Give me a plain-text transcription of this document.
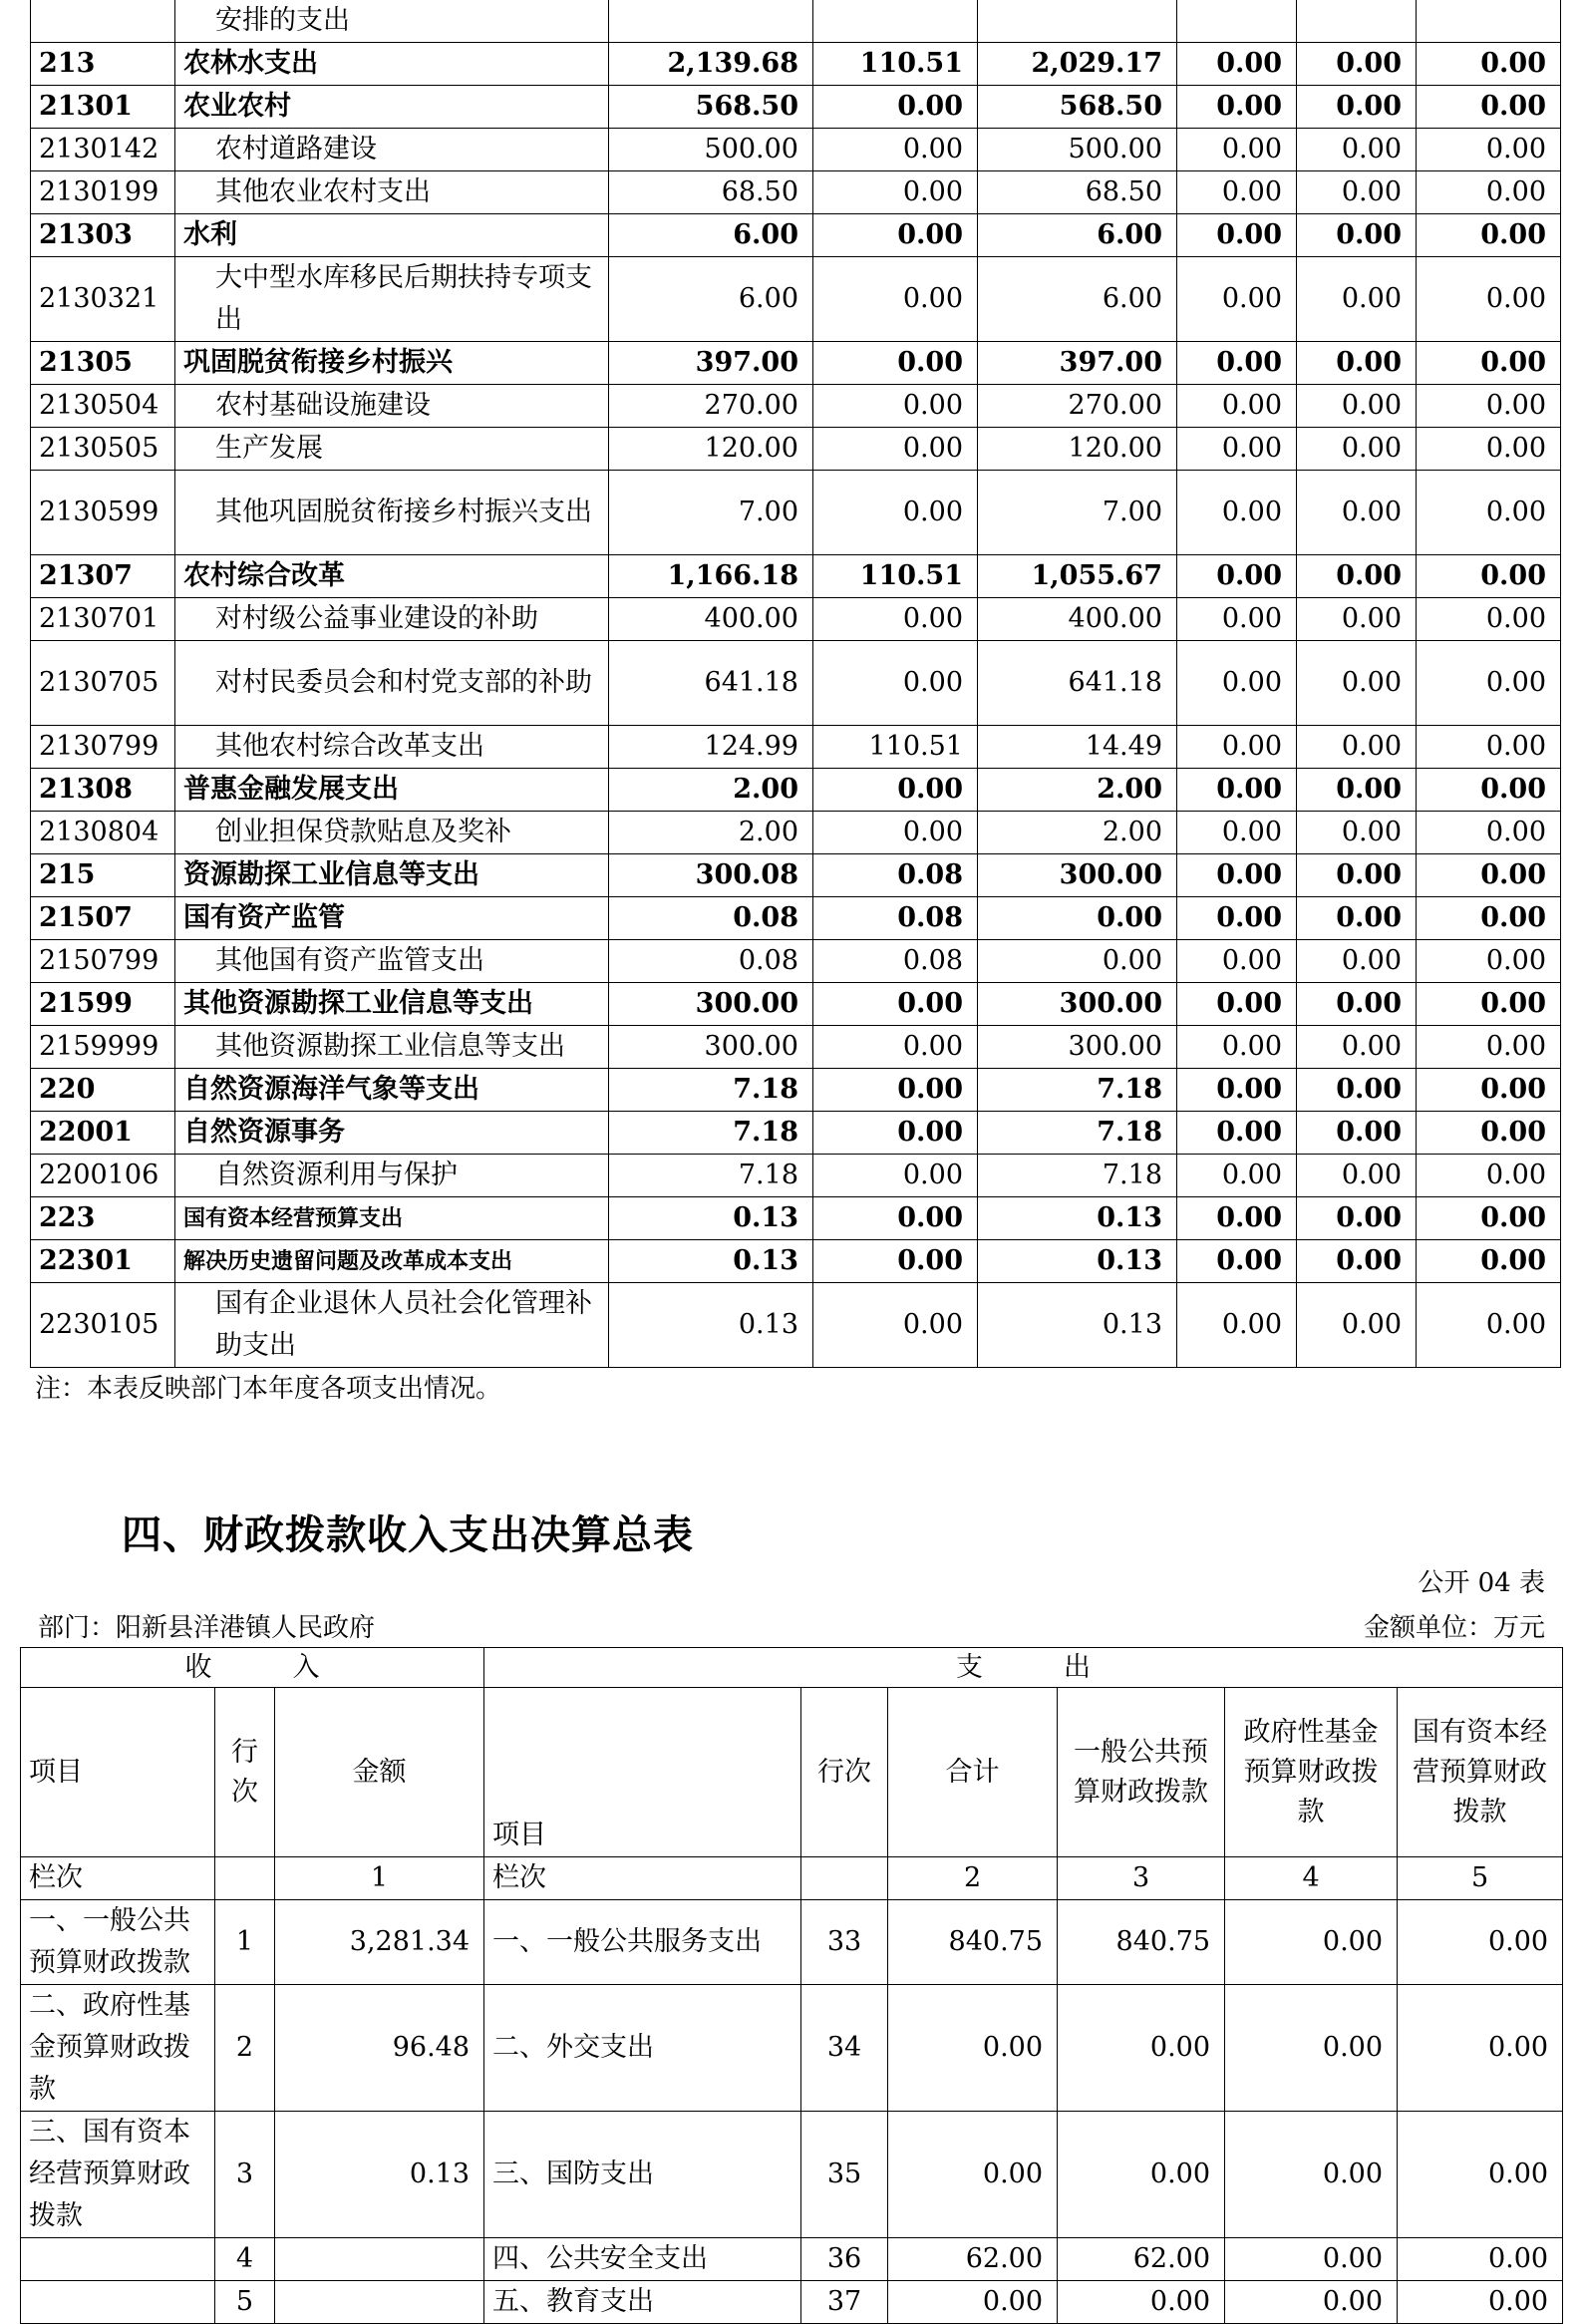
	安排的支出						
213	农林水支出	2,139.68	110.51	2,029.17	0.00	0.00	0.00
21301	农业农村	568.50	0.00	568.50	0.00	0.00	0.00
2130142	农村道路建设	500.00	0.00	500.00	0.00	0.00	0.00
2130199	其他农业农村支出	68.50	0.00	68.50	0.00	0.00	0.00
21303	水利	6.00	0.00	6.00	0.00	0.00	0.00
2130321	大中型水库移民后期扶持专项支出	6.00	0.00	6.00	0.00	0.00	0.00
21305	巩固脱贫衔接乡村振兴	397.00	0.00	397.00	0.00	0.00	0.00
2130504	农村基础设施建设	270.00	0.00	270.00	0.00	0.00	0.00
2130505	生产发展	120.00	0.00	120.00	0.00	0.00	0.00
2130599	其他巩固脱贫衔接乡村振兴支出	7.00	0.00	7.00	0.00	0.00	0.00
21307	农村综合改革	1,166.18	110.51	1,055.67	0.00	0.00	0.00
2130701	对村级公益事业建设的补助	400.00	0.00	400.00	0.00	0.00	0.00
2130705	对村民委员会和村党支部的补助	641.18	0.00	641.18	0.00	0.00	0.00
2130799	其他农村综合改革支出	124.99	110.51	14.49	0.00	0.00	0.00
21308	普惠金融发展支出	2.00	0.00	2.00	0.00	0.00	0.00
2130804	创业担保贷款贴息及奖补	2.00	0.00	2.00	0.00	0.00	0.00
215	资源勘探工业信息等支出	300.08	0.08	300.00	0.00	0.00	0.00
21507	国有资产监管	0.08	0.08	0.00	0.00	0.00	0.00
2150799	其他国有资产监管支出	0.08	0.08	0.00	0.00	0.00	0.00
21599	其他资源勘探工业信息等支出	300.00	0.00	300.00	0.00	0.00	0.00
2159999	其他资源勘探工业信息等支出	300.00	0.00	300.00	0.00	0.00	0.00
220	自然资源海洋气象等支出	7.18	0.00	7.18	0.00	0.00	0.00
22001	自然资源事务	7.18	0.00	7.18	0.00	0.00	0.00
2200106	自然资源利用与保护	7.18	0.00	7.18	0.00	0.00	0.00
223	国有资本经营预算支出	0.13	0.00	0.13	0.00	0.00	0.00
22301	解决历史遗留问题及改革成本支出	0.13	0.00	0.13	0.00	0.00	0.00
2230105	国有企业退休人员社会化管理补助支出	0.13	0.00	0.13	0.00	0.00	0.00
注：本表反映部门本年度各项支出情况。
四、财政拨款收入支出决算总表
公开 04 表
部门：阳新县洋港镇人民政府	金额单位：万元
收　　　入			支　　　出					
项目	行次	金额	项目	行次	合计	一般公共预算财政拨款	政府性基金预算财政拨款	国有资本经营预算财政拨款
栏次		1	栏次		2	3	4	5
一、一般公共预算财政拨款	1	3,281.34	一、一般公共服务支出	33	840.75	840.75	0.00	0.00
二、政府性基金预算财政拨款	2	96.48	二、外交支出	34	0.00	0.00	0.00	0.00
三、国有资本经营预算财政拨款	3	0.13	三、国防支出	35	0.00	0.00	0.00	0.00
	4		四、公共安全支出	36	62.00	62.00	0.00	0.00
	5		五、教育支出	37	0.00	0.00	0.00	0.00
